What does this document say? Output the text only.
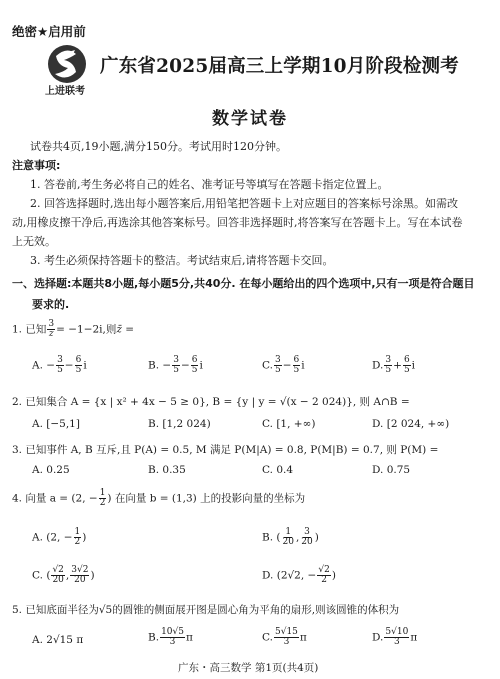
绝密★启用前
上进联考
广东省2025届高三上学期10月阶段检测考
数学试卷
试卷共4页,19小题,满分150分。考试用时120分钟。
注意事项:
1. 答卷前,考生务必将自己的姓名、准考证号等填写在答题卡指定位置上。
2. 回答选择题时,选出每小题答案后,用铅笔把答题卡上对应题目的答案标号涂黑。如需改
动,用橡皮擦干净后,再选涂其他答案标号。回答非选择题时,将答案写在答题卡上。写在本试卷
上无效。
3. 考生必须保持答题卡的整洁。考试结束后,请将答题卡交回。
一、选择题:本题共8小题,每小题5分,共40分. 在每小题给出的四个选项中,只有一项是符合题目
要求的.
1. 已知 $\frac{3}{z} = -1-2i$,则z̄ =
A. − $\frac{3}{5} - \frac{6}{5}$ i	B. − $\frac{3}{5} - \frac{6}{5}$ i	C. $\frac{3}{5} - \frac{6}{5}$ i	D. $\frac{3}{5} + \frac{6}{5}$ i
2. 已知集合 A = {x | x² + 4x − 5 ≥ 0}, B = {y | y = √(x − 2 024)}, 则 A∩B =
A. [−5,1]	B. [1,2 024)	C. [1, +∞)	D. [2 024, +∞)
3. 已知事件 A, B 互斥,且 P(A) = 0.5, M 满足 P(M|A) = 0.8, P(M|B) = 0.7, 则 P(M) =
A. 0.25	B. 0.35	C. 0.4	D. 0.75
4. 向量 a = (2, − $\frac{1}{2}$ ) 在向量 b = (1,3) 上的投影向量的坐标为
A. (2, − $\frac{1}{2}$ )	B. ( $\frac{1}{20}$ , $\frac{3}{20}$ )
C. ( $\frac{√2}{20}$ , $\frac{3√2}{20}$ )	D. (2√2, − $\frac{√2}{2}$ )
5. 已知底面半径为√5的圆锥的侧面展开图是圆心角为平角的扇形,则该圆锥的体积为
A. 2√15 π	B. $\frac{10√5}{3}$ π	C. $\frac{5√15}{3}$ π	D. $\frac{5√10}{3}$ π
广东・高三数学 第1页(共4页)
